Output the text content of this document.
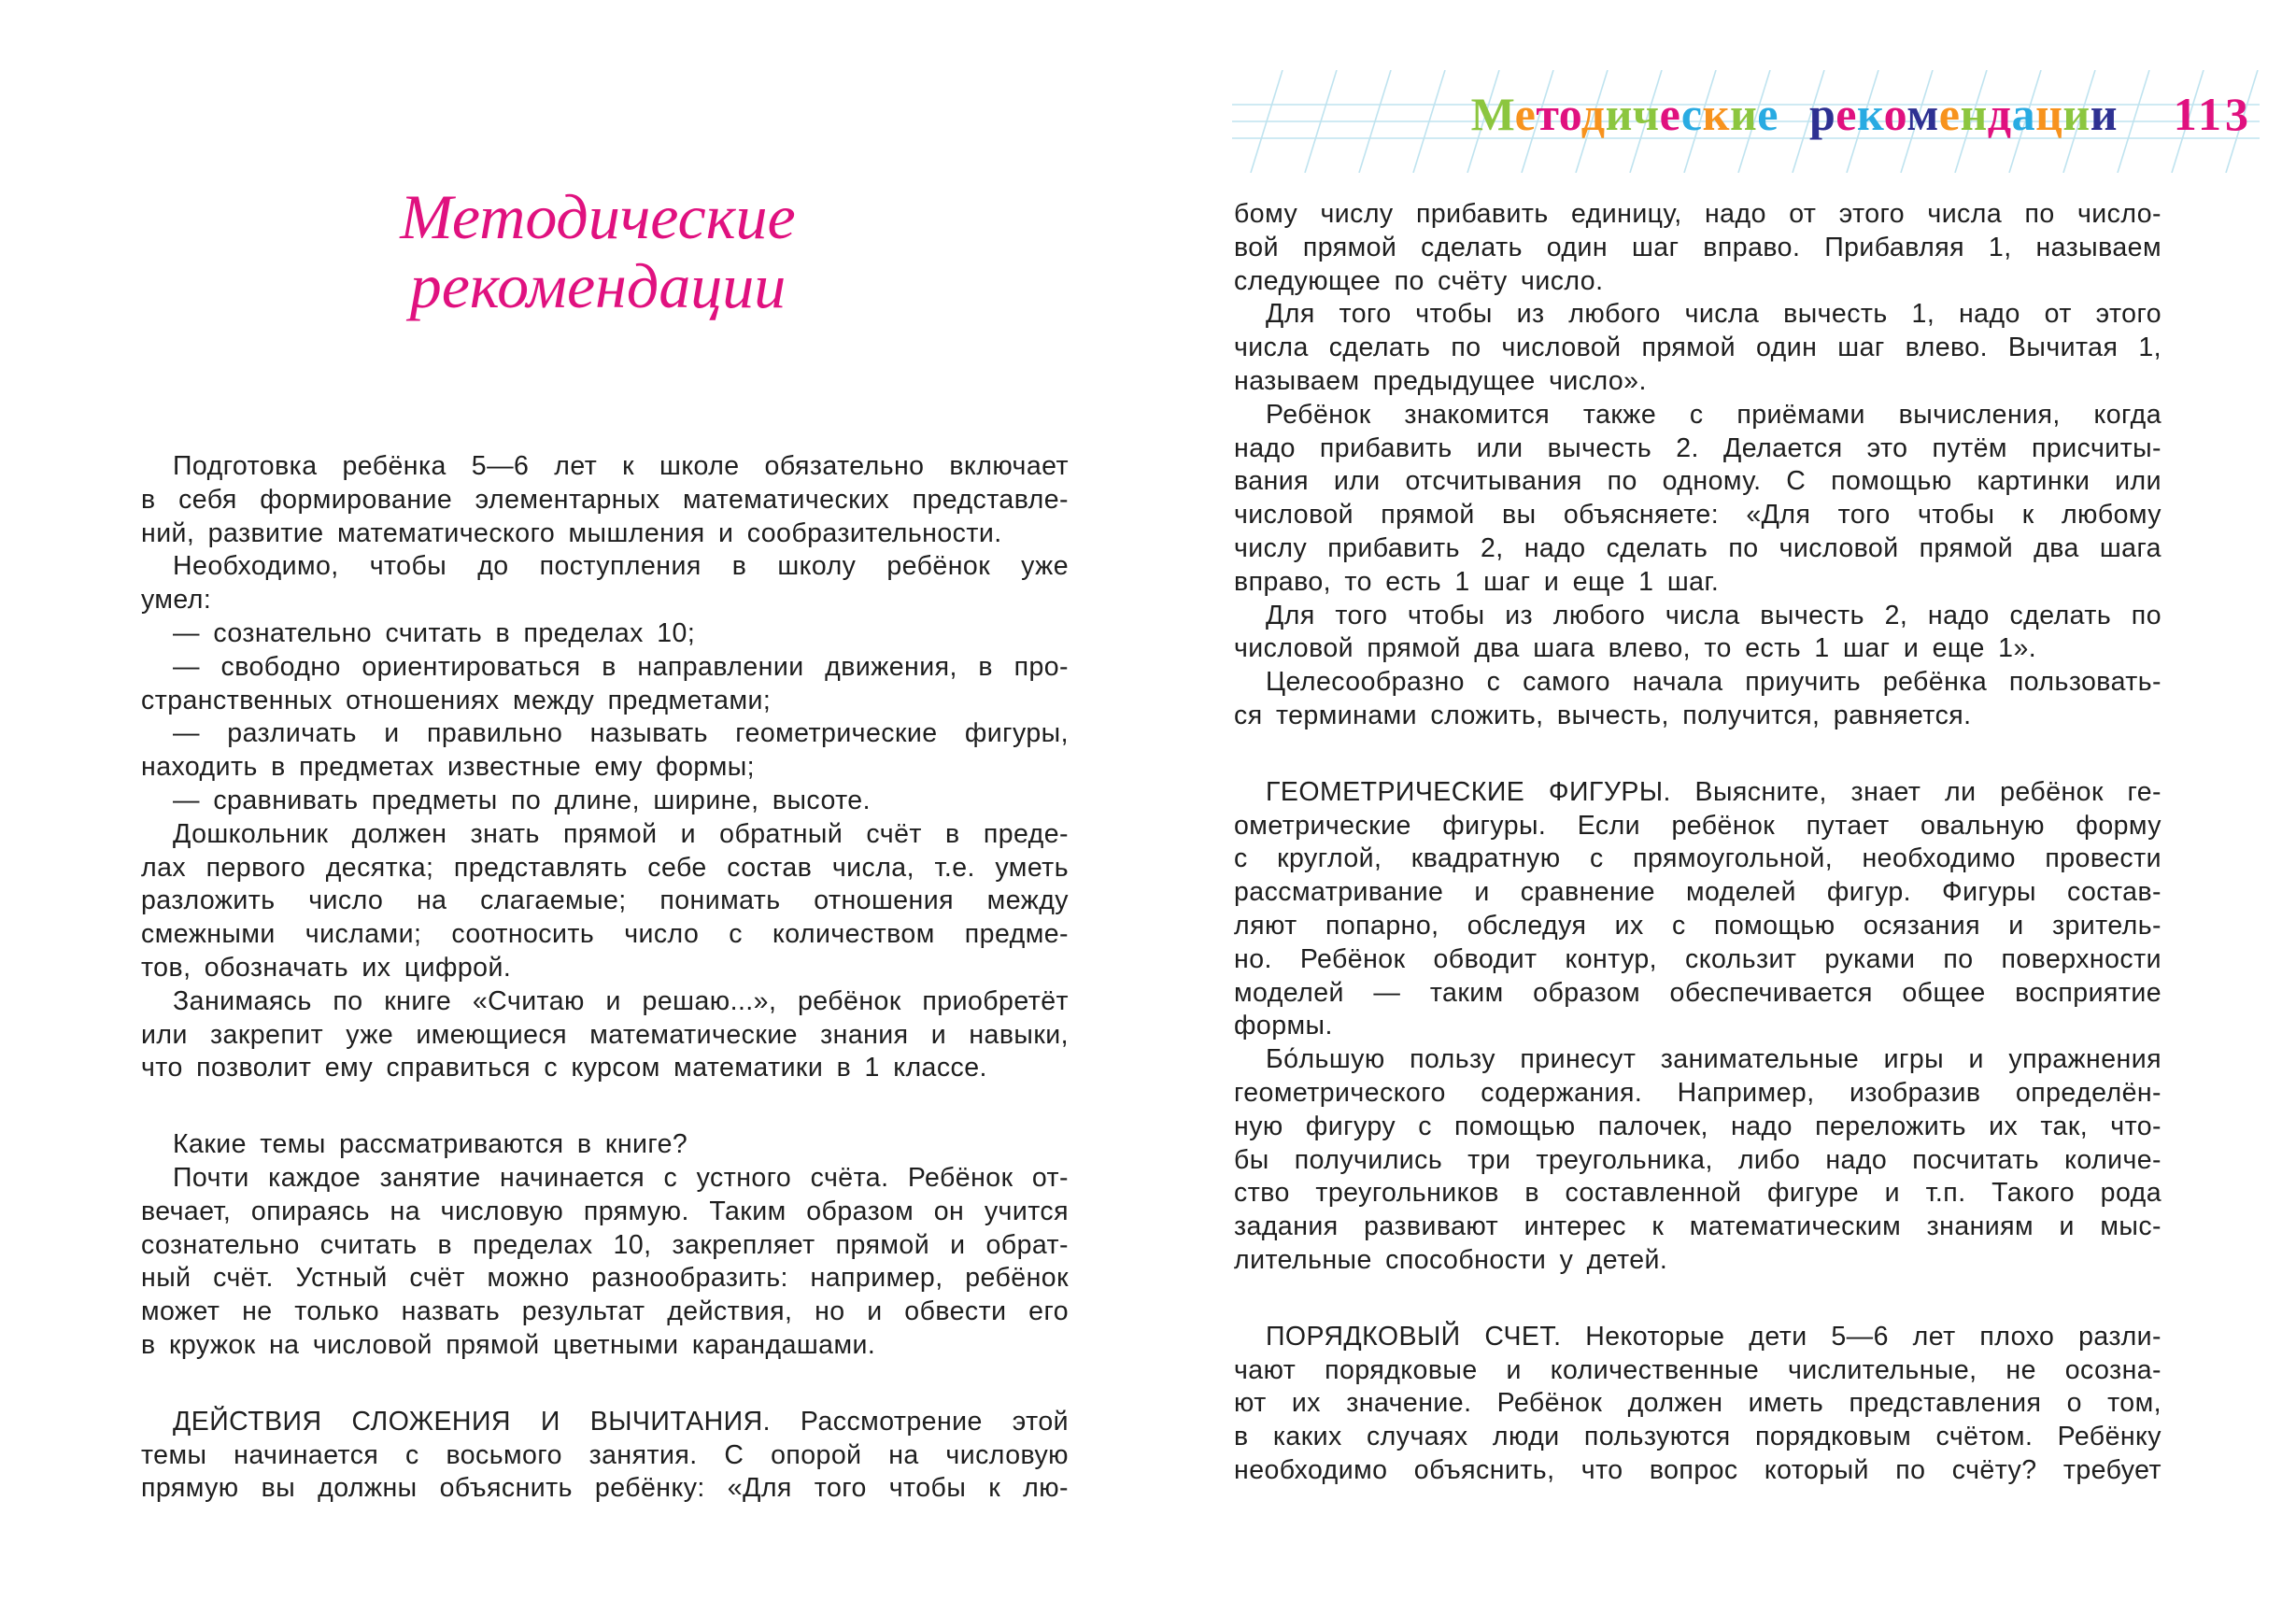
Методические
рекомендации
Подготовка ребёнка 5—6 лет к школе обязательно включает
в себя формирование элементарных математических представле-
ний, развитие математического мышления и сообразительности.
Необходимо, чтобы до поступления в школу ребёнок уже
умел:
— сознательно считать в пределах 10;
— свободно ориентироваться в направлении движения, в про-
странственных отношениях между предметами;
— различать и правильно называть геометрические фигуры,
находить в предметах известные ему формы;
— сравнивать предметы по длине, ширине, высоте.
Дошкольник должен знать прямой и обратный счёт в преде-
лах первого десятка; представлять себе состав числа, т.е. уметь
разложить число на слагаемые; понимать отношения между
смежными числами; соотносить число с количеством предме-
тов, обозначать их цифрой.
Занимаясь по книге «Считаю и решаю...», ребёнок приобретёт
или закрепит уже имеющиеся математические знания и навыки,
что позволит ему справиться с курсом математики в 1 классе.
Какие темы рассматриваются в книге?
Почти каждое занятие начинается с устного счёта. Ребёнок от-
вечает, опираясь на числовую прямую. Таким образом он учится
сознательно считать в пределах 10, закрепляет прямой и обрат-
ный счёт. Устный счёт можно разнообразить: например, ребёнок
может не только назвать результат действия, но и обвести его
в кружок на числовой прямой цветными карандашами.
ДЕЙСТВИЯ СЛОЖЕНИЯ И ВЫЧИТАНИЯ. Рассмотрение этой
темы начинается с восьмого занятия. С опорой на числовую
прямую вы должны объяснить ребёнку: «Для того чтобы к лю-
Методические рекомендации 113
бому числу прибавить единицу, надо от этого числа по число-
вой прямой сделать один шаг вправо. Прибавляя 1, называем
следующее по счёту число.
Для того чтобы из любого числа вычесть 1, надо от этого
числа сделать по числовой прямой один шаг влево. Вычитая 1,
называем предыдущее число».
Ребёнок знакомится также с приёмами вычисления, когда
надо прибавить или вычесть 2. Делается это путём присчиты-
вания или отсчитывания по одному. С помощью картинки или
числовой прямой вы объясняете: «Для того чтобы к любому
числу прибавить 2, надо сделать по числовой прямой два шага
вправо, то есть 1 шаг и еще 1 шаг.
Для того чтобы из любого числа вычесть 2, надо сделать по
числовой прямой два шага влево, то есть 1 шаг и еще 1».
Целесообразно с самого начала приучить ребёнка пользовать-
ся терминами сложить, вычесть, получится, равняется.
ГЕОМЕТРИЧЕСКИЕ ФИГУРЫ. Выясните, знает ли ребёнок ге-
ометрические фигуры. Если ребёнок путает овальную форму
с круглой, квадратную с прямоугольной, необходимо провести
рассматривание и сравнение моделей фигур. Фигуры состав-
ляют попарно, обследуя их с помощью осязания и зритель-
но. Ребёнок обводит контур, скользит руками по поверхности
моделей — таким образом обеспечивается общее восприятие
формы.
Бо́льшую пользу принесут занимательные игры и упражнения
геометрического содержания. Например, изобразив определён-
ную фигуру с помощью палочек, надо переложить их так, что-
бы получились три треугольника, либо надо посчитать количе-
ство треугольников в составленной фигуре и т.п. Такого рода
задания развивают интерес к математическим знаниям и мыс-
лительные способности у детей.
ПОРЯДКОВЫЙ СЧЕТ. Некоторые дети 5—6 лет плохо разли-
чают порядковые и количественные числительные, не осозна-
ют их значение. Ребёнок должен иметь представления о том,
в каких случаях люди пользуются порядковым счётом. Ребёнку
необходимо объяснить, что вопрос который по счёту? требует
